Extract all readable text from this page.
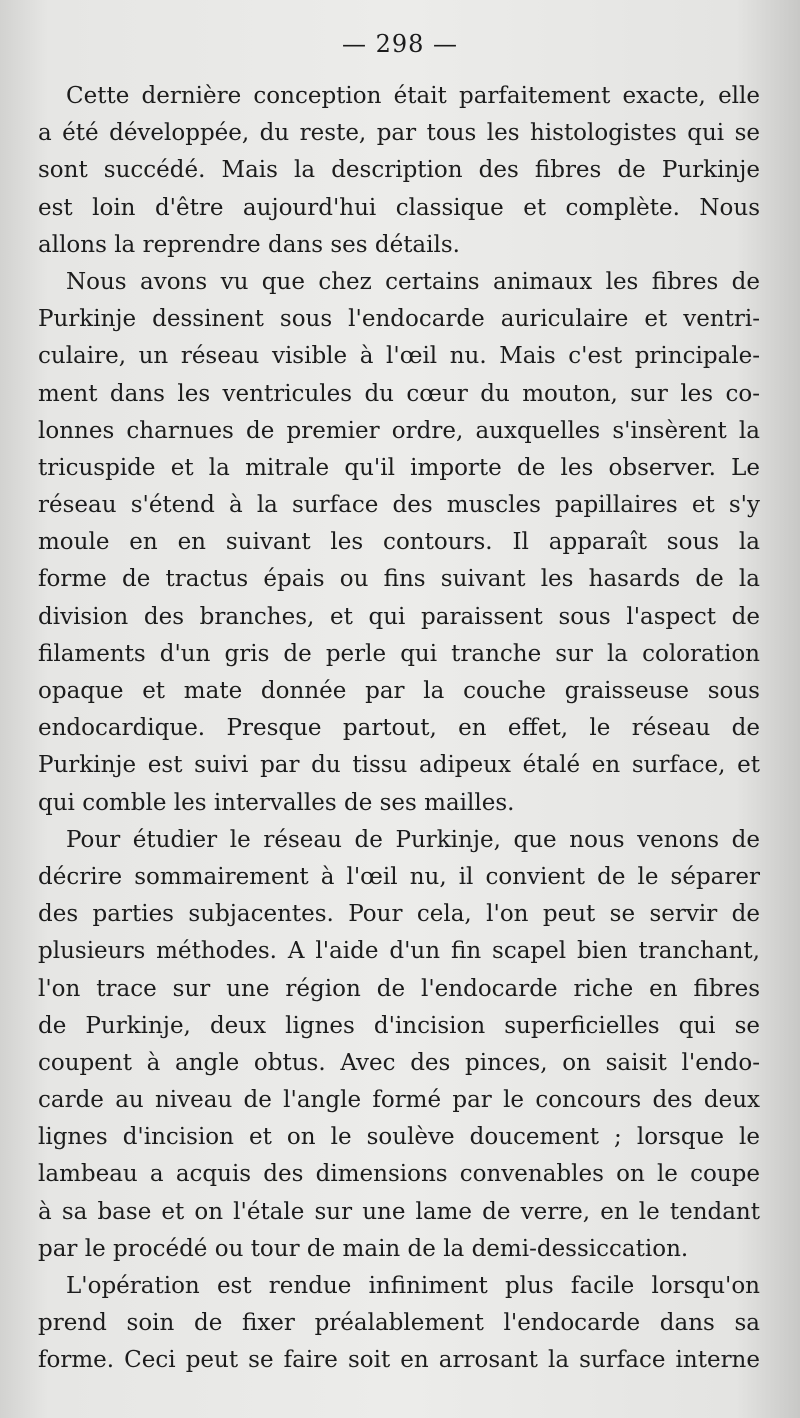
— 298 —

Cette dernière conception était parfaitement exacte, elle
a été développée, du reste, par tous les histologistes qui se
sont succédé. Mais la description des fibres de Purkinje
est loin d'être aujourd'hui classique et complète. Nous
allons la reprendre dans ses détails.

Nous avons vu que chez certains animaux les fibres de
Purkinje dessinent sous l'endocarde auriculaire et ventri-
culaire, un réseau visible à l'œil nu. Mais c'est principale-
ment dans les ventricules du cœur du mouton, sur les co-
lonnes charnues de premier ordre, auxquelles s'insèrent la
tricuspide et la mitrale qu'il importe de les observer. Le
réseau s'étend à la surface des muscles papillaires et s'y
moule en en suivant les contours. Il apparaît sous la
forme de tractus épais ou fins suivant les hasards de la
division des branches, et qui paraissent sous l'aspect de
filaments d'un gris de perle qui tranche sur la coloration
opaque et mate donnée par la couche graisseuse sous
endocardique. Presque partout, en effet, le réseau de
Purkinje est suivi par du tissu adipeux étalé en surface, et
qui comble les intervalles de ses mailles.

Pour étudier le réseau de Purkinje, que nous venons de
décrire sommairement à l'œil nu, il convient de le séparer
des parties subjacentes. Pour cela, l'on peut se servir de
plusieurs méthodes. A l'aide d'un fin scapel bien tranchant,
l'on trace sur une région de l'endocarde riche en fibres
de Purkinje, deux lignes d'incision superficielles qui se
coupent à angle obtus. Avec des pinces, on saisit l'endo-
carde au niveau de l'angle formé par le concours des deux
lignes d'incision et on le soulève doucement ; lorsque le
lambeau a acquis des dimensions convenables on le coupe
à sa base et on l'étale sur une lame de verre, en le tendant
par le procédé ou tour de main de la demi-dessiccation.

L'opération est rendue infiniment plus facile lorsqu'on
prend soin de fixer préalablement l'endocarde dans sa
forme. Ceci peut se faire soit en arrosant la surface interne
